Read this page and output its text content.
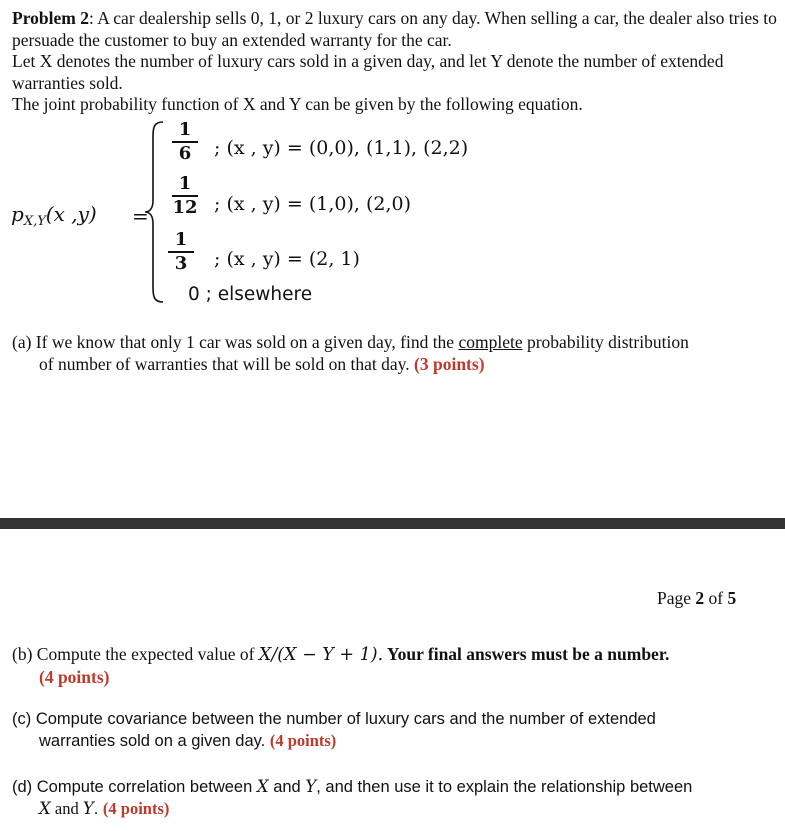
Problem 2: A car dealership sells 0, 1, or 2 luxury cars on any day. When selling a car, the dealer also tries to persuade the customer to buy an extended warranty for the car.

Let X denotes the number of luxury cars sold in a given day, and let Y denote the number of extended warranties sold.

The joint probability function of X and Y can be given by the following equation.

$p_{X,Y}(x$ ,y) =
1
6	; (x , y) = (0,0), (1,1), (2,2)
1
12 ; (x , y) = (1,0), (2,0)
1
3	; (x , y) = (2, 1)
0 ; elsewhere

(a) If we know that only 1 car was sold on a given day, find the complete probability distribution

of number of warranties that will be sold on that day. (3 points)

Page 2 of 5

(b) Compute the expected value of X/(X − Y + 1). Your final answers must be a number.

(4 points)

(c) Compute covariance between the number of luxury cars and the number of extended

warranties sold on a given day. (4 points)

(d) Compute correlation between X and Y, and then use it to explain the relationship between

X and Y. (4 points)
